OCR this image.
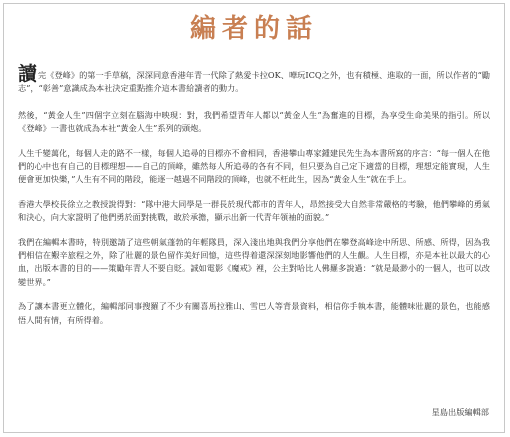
編者的話

讀完《登峰》的第一手草稿，深深同意香港年青一代除了熱愛卡拉OK、嘩玩ICQ之外，也有積極、進取的一面，所以作者的“勵志”，“彰善”意識成為本社決定重點推介這本書給讀者的動力。

然後，“黃金人生”四個字立刻在腦海中映現：對，我們希望青年人都以“黃金人生”為奮進的目標，為享受生命美果的指引。所以《登峰》一書也就成為本社“黃金人生”系列的頭炮。

人生千變萬化，每個人走的路不一樣，每個人追尋的目標亦不會相同，香港攀山專家鍾建民先生為本書所寫的序言：“每一個人在他們的心中也有自己的目標理想——自己的頂峰，雖然每人所追尋的各有不同，但只要為自己定下適當的目標，理想定能實現，人生便會更加快樂，”人生有不同的階段，能逐一越過不同階段的頂峰，也就不枉此生，因為“黃金人生”就在手上。

香港大學校長徐立之教授說得對：“隊中港大同學是一群長於現代都市的青年人，昂然接受大自然非常嚴格的考驗，他們攀峰的勇氣和決心，向大家證明了他們勇於面對挑戰，敢於承擔，顯示出新一代青年領袖的面貌。”

我們在編輯本書時，特別邀請了這些朝氣蓬勃的年輕隊員，深入淺出地與我們分享他們在攀登高峰途中所思、所感、所得，因為我們相信在艱辛旅程之外，除了壯麗的景色留作美好回憶，這些得着還深深刻地影響他們的人生觀。人生目標，亦是本社以最大的心血，出版本書的目的——策勵年青人不要自貶。誠如電影《魔戒》裡，公主對哈比人佛羅多說過：“就是最渺小的一個人，也可以改變世界。”

為了讓本書更立體化，編輯部同事搜羅了不少有關喜馬拉雅山、雪巴人等背景資料，相信你手執本書，能體味壯麗的景色，也能感悟人間有情，有所得着。

星島出版編輯部
